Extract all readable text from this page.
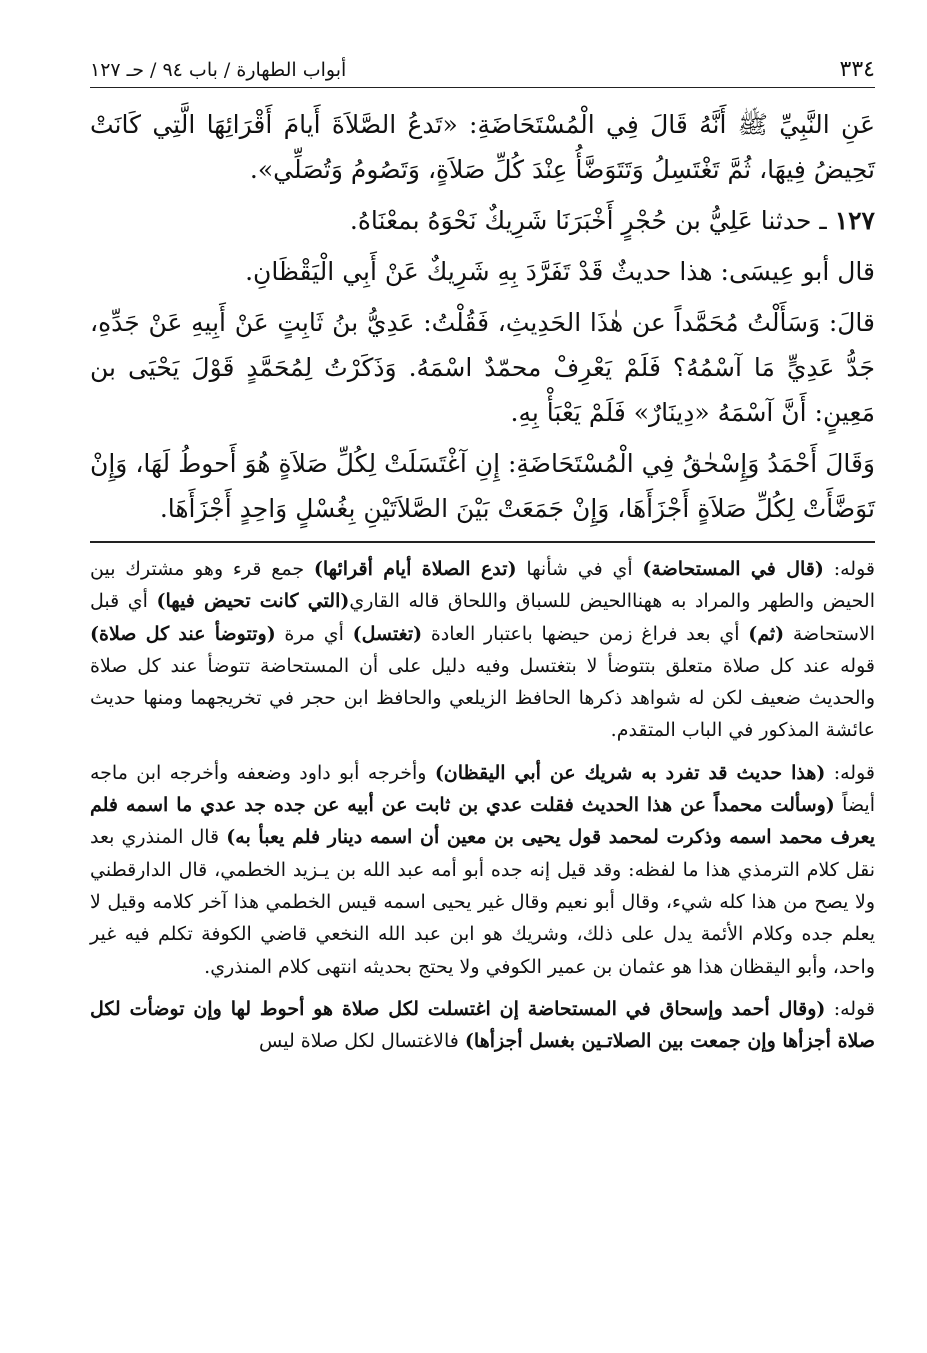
٣٣٤
أبواب الطهارة / باب ٩٤ / حـ ١٢٧

عَنِ النَّبِيِّ ﷺ أَنَّهُ قَالَ فِي الْمُسْتَحَاضَةِ: «تَدعُ الصَّلاَةَ أَيامَ أَقْرَائِهَا الَّتِي كَانَتْ تَحِيضُ فِيهَا، ثُمَّ تَغْتَسِلُ وَتَتَوَضَّأُ عِنْدَ كُلِّ صَلاَةٍ، وَتَصُومُ وَتُصَلِّي».

١٢٧ ـ حدثنا عَلِيُّ بن حُجْرٍ أَخْبَرَنَا شَرِيكٌ نَحْوَهُ بمعْنَاهُ.

قال أبو عِيسَى: هذا حديثٌ قَدْ تَفَرَّدَ بِهِ شَرِيكٌ عَنْ أَبِي الْيَقْظَانِ.

قالَ: وَسَأَلْتُ مُحَمَّداً عن هٰذَا الحَدِيثِ، فَقُلْتُ: عَدِيُّ بنُ ثَابِتٍ عَنْ أَبِيهِ عَنْ جَدِّهِ، جَدُّ عَدِيٍّ مَا آسْمُهُ؟ فَلَمْ يَعْرِفْ محمّدٌ اسْمَهُ. وَذَكَرْتُ لِمُحَمَّدٍ قَوْلَ يَحْيَى بن مَعِينٍ: أَنَّ آسْمَهُ «دِينَارٌ» فَلَمْ يَعْبَأْ بِهِ.

وَقَالَ أَحْمَدُ وَإِسْحٰقُ فِي الْمُسْتَحَاضَةِ: إِنِ آغْتَسَلَتْ لِكُلِّ صَلاَةٍ هُوَ أَحوطُ لَهَا، وَإِنْ تَوَضَّأَتْ لِكُلِّ صَلاَةٍ أَجْزَأَهَا، وَإِنْ جَمَعَتْ بَيْنَ الصَّلاَتَيْنِ بِغُسْلٍ وَاحِدٍ أَجْزَأَهَا.

قوله: (قال في المستحاضة) أي في شأنها (تدع الصلاة أيام أقرائها) جمع قرء وهو مشترك بين الحيض والطهر والمراد به ههناالحيض للسباق واللحاق قاله القاري(التي كانت تحيض فيها) أي قبل الاستحاضة (ثم) أي بعد فراغ زمن حيضها باعتبار العادة (تغتسل) أي مرة (وتتوضأ عند كل صلاة) قوله عند كل صلاة متعلق بتتوضأ لا بتغتسل وفيه دليل على أن المستحاضة تتوضأ عند كل صلاة والحديث ضعيف لكن له شواهد ذكرها الحافظ الزيلعي والحافظ ابن حجر في تخريجهما ومنها حديث عائشة المذكور في الباب المتقدم.

قوله: (هذا حديث قد تفرد به شريك عن أبي اليقظان) وأخرجه أبو داود وضعفه وأخرجه ابن ماجه أيضاً (وسألت محمداً عن هذا الحديث فقلت عدي بن ثابت عن أبيه عن جده جد عدي ما اسمه فلم يعرف محمد اسمه وذكرت لمحمد قول يحيى بن معين أن اسمه دينار فلم يعبأ به) قال المنذري بعد نقل كلام الترمذي هذا ما لفظه: وقد قيل إنه جده أبو أمه عبد الله بن يـزيد الخطمي، قال الدارقطني ولا يصح من هذا كله شيء، وقال أبو نعيم وقال غير يحيى اسمه قيس الخطمي هذا آخر كلامه وقيل لا يعلم جده وكلام الأئمة يدل على ذلك، وشريك هو ابن عبد الله النخعي قاضي الكوفة تكلم فيه غير واحد، وأبو اليقظان هذا هو عثمان بن عمير الكوفي ولا يحتج بحديثه انتهى كلام المنذري.

قوله: (وقال أحمد وإسحاق في المستحاضة إن اغتسلت لكل صلاة هو أحوط لها وإن توضأت لكل صلاة أجزأها وإن جمعت بين الصلاتـين بغسل أجزأها) فالاغتسال لكل صلاة ليس
